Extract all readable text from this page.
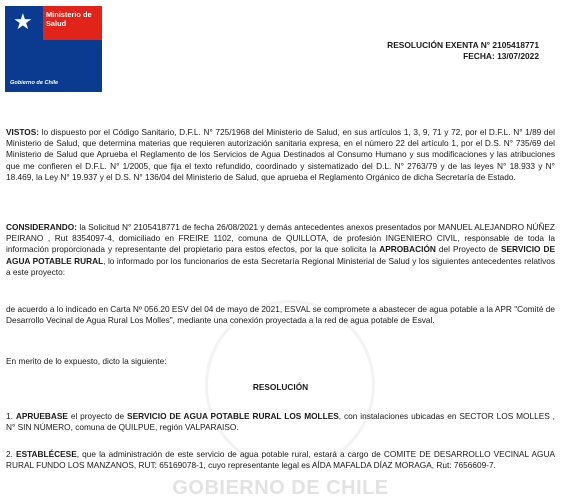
GOBIERNO DE CHILE
★ Ministerio de
Salud
Gobierno de Chile
RESOLUCIÓN EXENTA N° 2105418771
FECHA: 13/07/2022
VISTOS: lo dispuesto por el Código Sanitario, D.F.L. N° 725/1968 del Ministerio de Salud, en sus artículos 1, 3, 9, 71 y 72, por el D.F.L. N° 1/89 del Ministerio de Salud, que determina materias que requieren autorización sanitaria expresa, en el número 22 del artículo 1, por el D.S. N° 735/69 del Ministerio de Salud que Aprueba el Reglamento de los Servicios de Agua Destinados al Consumo Humano y sus modificaciones y las atribuciones que me confieren el D.F.L. N° 1/2005, que fija el texto refundido, coordinado y sistematizado del D.L. N° 2763/79 y de las leyes N° 18.933 y N° 18.469, la Ley N° 19.937 y el D.S. N° 136/04 del Ministerio de Salud, que aprueba el Reglamento Orgánico de dicha Secretaría de Estado.
CONSIDERANDO: la Solicitud N° 2105418771 de fecha 26/08/2021 y demás antecedentes anexos presentados por MANUEL ALEJANDRO NÚÑEZ PEIRANO , Rut 8354097-4, domiciliado en FREIRE 1102, comuna de QUILLOTA, de profesión INGENIERO CIVIL, responsable de toda la información proporcionada y representante del propietario para estos efectos, por la que solicita la APROBACIÓN del Proyecto de SERVICIO DE AGUA POTABLE RURAL, lo informado por los funcionarios de esta Secretaría Regional Ministerial de Salud y los siguientes antecedentes relativos a este proyecto:
de acuerdo a lo indicado en Carta Nº 056.20 ESV del 04 de mayo de 2021, ESVAL se compromete a abastecer de agua potable a la APR "Comité de Desarrollo Vecinal de Agua Rural Los Molles", mediante una conexión proyectada a la red de agua potable de Esval.
En merito de lo expuesto, dicto la siguiente:
RESOLUCIÓN
1. APRUEBASE el proyecto de SERVICIO DE AGUA POTABLE RURAL LOS MOLLES, con instalaciones ubicadas en SECTOR LOS MOLLES , N° SIN NÚMERO, comuna de QUILPUE, región VALPARAISO.
2. ESTABLÉCESE, que la administración de este servicio de agua potable rural, estará a cargo de COMITE DE DESARROLLO VECINAL AGUA RURAL FUNDO LOS MANZANOS, RUT: 65169078-1, cuyo representante legal es AÍDA MAFALDA DÍAZ MORAGA, Rut: 7656609-7.
